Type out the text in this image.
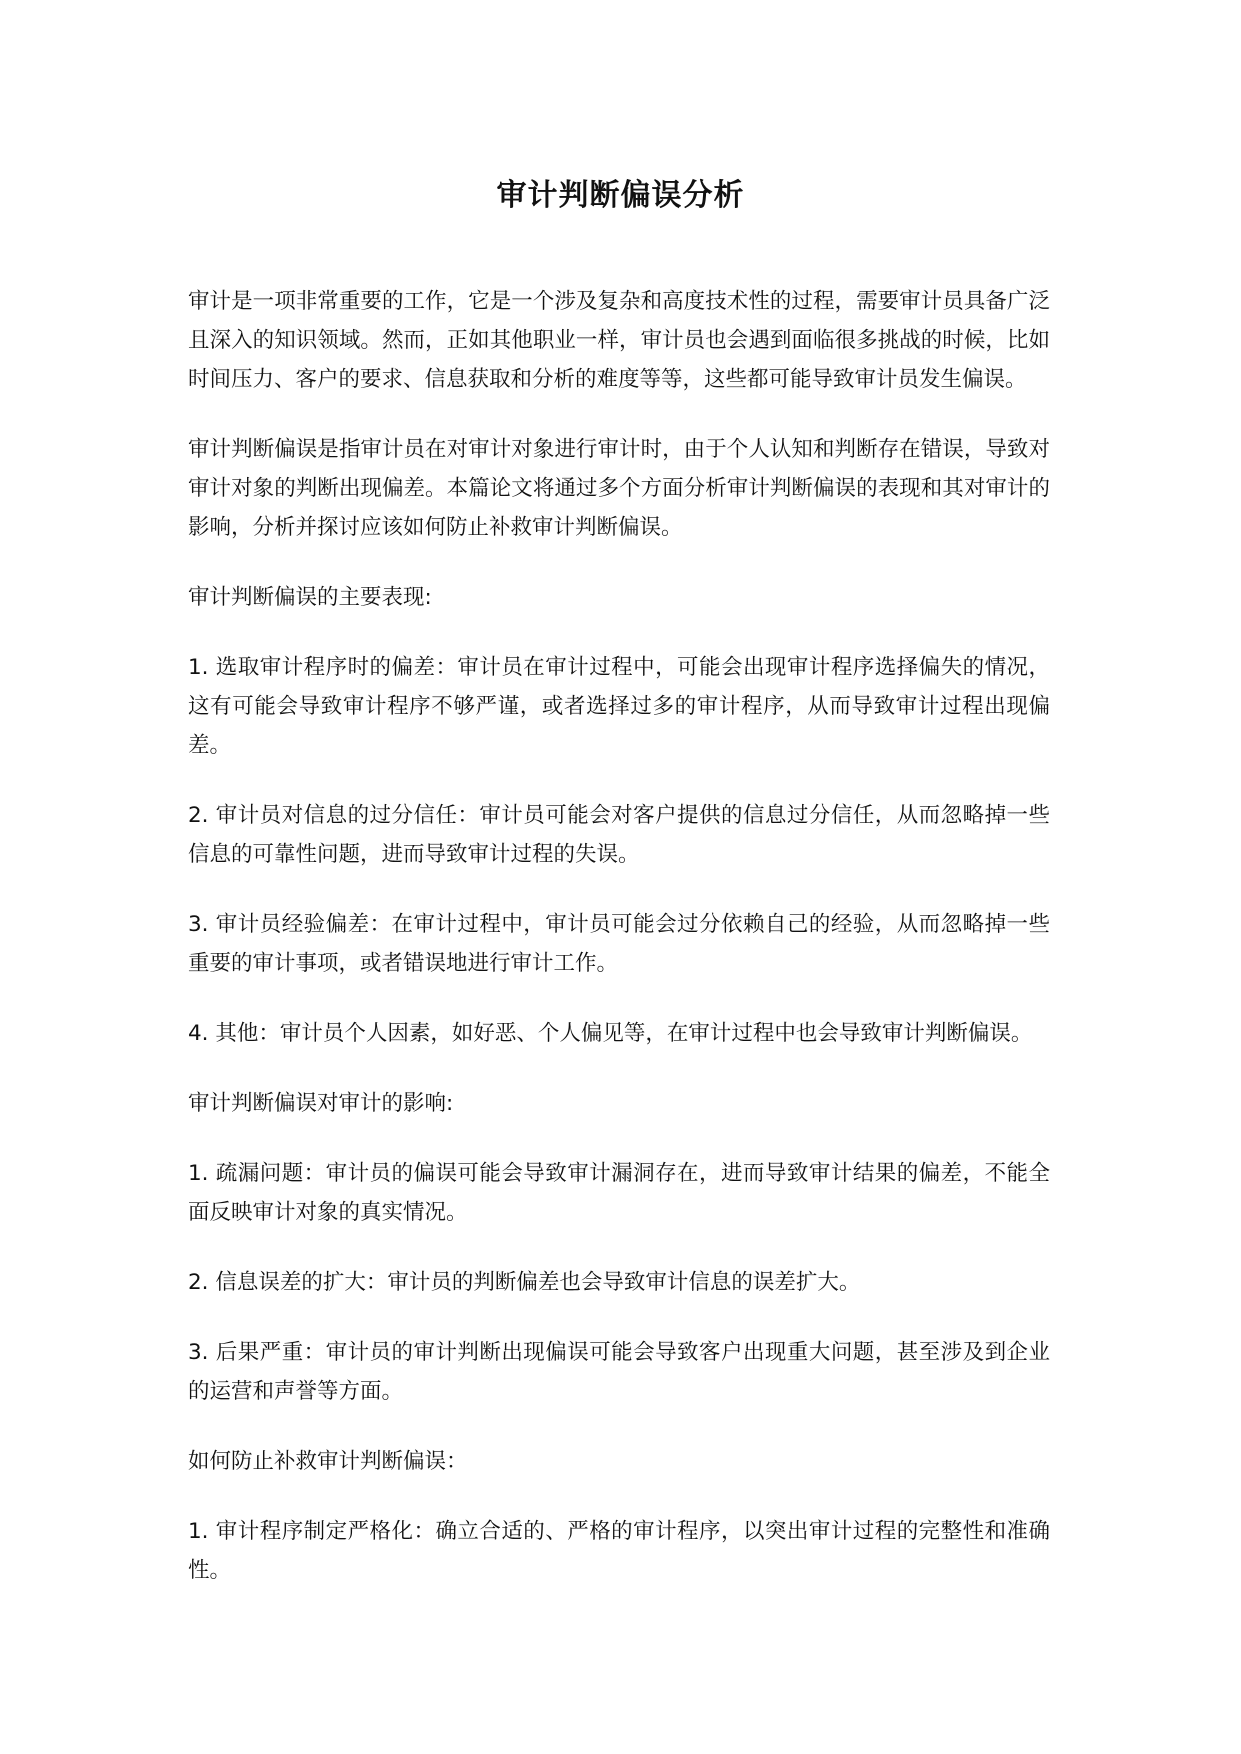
审计判断偏误分析

审计是一项非常重要的工作，它是一个涉及复杂和高度技术性的过程，需要审计员具备广泛且深入的知识领域。然而，正如其他职业一样，审计员也会遇到面临很多挑战的时候，比如时间压力、客户的要求、信息获取和分析的难度等等，这些都可能导致审计员发生偏误。

审计判断偏误是指审计员在对审计对象进行审计时，由于个人认知和判断存在错误，导致对审计对象的判断出现偏差。本篇论文将通过多个方面分析审计判断偏误的表现和其对审计的影响，分析并探讨应该如何防止补救审计判断偏误。

审计判断偏误的主要表现:

1. 选取审计程序时的偏差：审计员在审计过程中，可能会出现审计程序选择偏失的情况，这有可能会导致审计程序不够严谨，或者选择过多的审计程序，从而导致审计过程出现偏差。

2. 审计员对信息的过分信任：审计员可能会对客户提供的信息过分信任，从而忽略掉一些信息的可靠性问题，进而导致审计过程的失误。

3. 审计员经验偏差：在审计过程中，审计员可能会过分依赖自己的经验，从而忽略掉一些重要的审计事项，或者错误地进行审计工作。

4. 其他：审计员个人因素，如好恶、个人偏见等，在审计过程中也会导致审计判断偏误。

审计判断偏误对审计的影响:

1. 疏漏问题：审计员的偏误可能会导致审计漏洞存在，进而导致审计结果的偏差，不能全面反映审计对象的真实情况。

2. 信息误差的扩大：审计员的判断偏差也会导致审计信息的误差扩大。

3. 后果严重：审计员的审计判断出现偏误可能会导致客户出现重大问题，甚至涉及到企业的运营和声誉等方面。

如何防止补救审计判断偏误：

1. 审计程序制定严格化：确立合适的、严格的审计程序，以突出审计过程的完整性和准确性。
